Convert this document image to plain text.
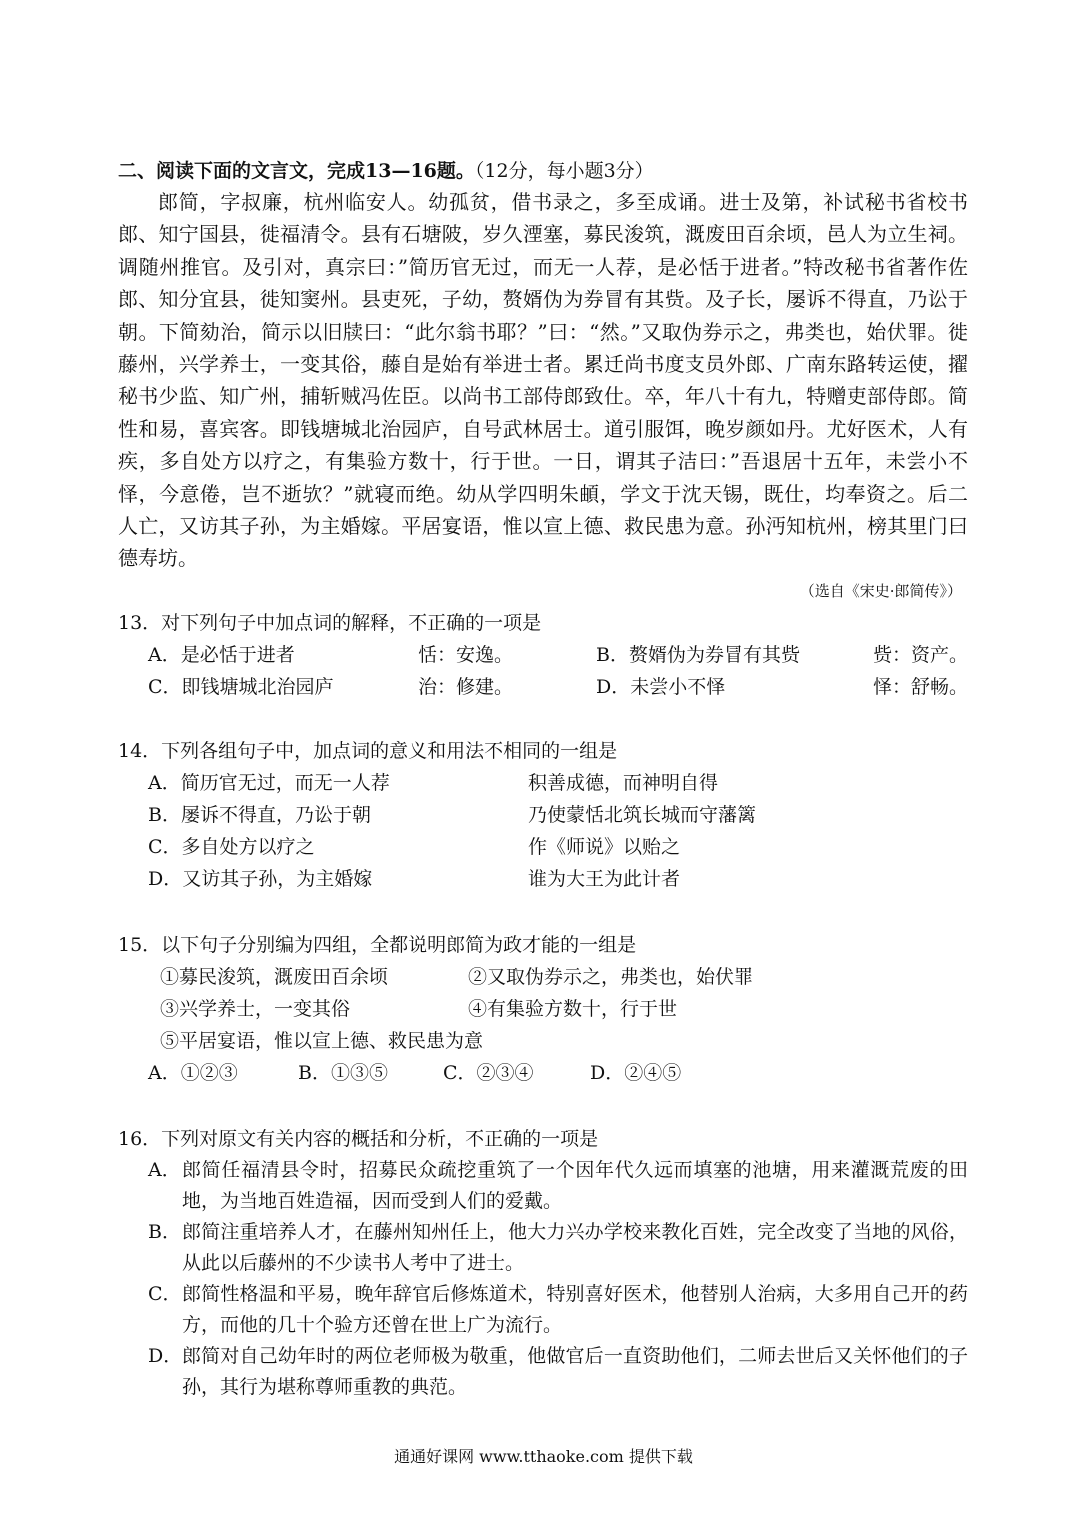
二、阅读下面的文言文，完成13—16题。（12分，每小题3分）

郎简，字叔廉，杭州临安人。幼孤贫，借书录之，多至成诵。进士及第，补试秘书省校书郎、知宁国县，徙福清令。县有石塘陂，岁久湮塞，募民浚筑，溉废田百余顷，邑人为立生祠。调随州推官。及引对，真宗曰：”简历官无过，而无一人荐，是必恬于进者。”特改秘书省著作佐郎、知分宜县，徙知窦州。县吏死，子幼，赘婿伪为券冒有其赀。及子长，屡诉不得直，乃讼于朝。下简劾治，简示以旧牍曰：“此尔翁书耶？”曰：“然。”又取伪券示之，弗类也，始伏罪。徙藤州，兴学养士，一变其俗，藤自是始有举进士者。累迁尚书度支员外郎、广南东路转运使，擢秘书少监、知广州，捕斩贼冯佐臣。以尚书工部侍郎致仕。卒，年八十有九，特赠吏部侍郎。简性和易，喜宾客。即钱塘城北治园庐，自号武林居士。道引服饵，晚岁颜如丹。尤好医术，人有疾，多自处方以疗之，有集验方数十，行于世。一日，谓其子洁曰：”吾退居十五年，未尝小不怿，今意倦，岂不逝欤？”就寝而绝。幼从学四明朱頔，学文于沈天锡，既仕，均奉资之。后二人亡，又访其子孙，为主婚嫁。平居宴语，惟以宣上德、救民患为意。孙沔知杭州，榜其里门曰德寿坊。

（选自《宋史·郎简传》）
13．对下列句子中加点词的解释，不正确的一项是
A．是必恬于进者	恬：安逸。	B．赘婿伪为券冒有其赀	赀：资产。
C．即钱塘城北治园庐	治：修建。	D．未尝小不怿	怿：舒畅。
14．下列各组句子中，加点词的意义和用法不相同的一组是
A．简历官无过，而无一人荐	积善成德，而神明自得
B．屡诉不得直，乃讼于朝	乃使蒙恬北筑长城而守藩篱
C．多自处方以疗之	作《师说》以贻之
D．又访其子孙，为主婚嫁	谁为大王为此计者
15．以下句子分别编为四组，全都说明郎简为政才能的一组是
①募民浚筑，溉废田百余顷	②又取伪券示之，弗类也，始伏罪
③兴学养士，一变其俗	④有集验方数十，行于世
⑤平居宴语，惟以宣上德、救民患为意
A．①②③	B．①③⑤	C．②③④	D．②④⑤
16．下列对原文有关内容的概括和分析，不正确的一项是
A． 郎简任福清县令时，招募民众疏挖重筑了一个因年代久远而填塞的池塘，用来灌溉荒废的田地，为当地百姓造福，因而受到人们的爱戴。
B． 郎简注重培养人才，在藤州知州任上，他大力兴办学校来教化百姓，完全改变了当地的风俗，从此以后藤州的不少读书人考中了进士。
C． 郎简性格温和平易，晚年辞官后修炼道术，特别喜好医术，他替别人治病，大多用自己开的药方，而他的几十个验方还曾在世上广为流行。
D． 郎简对自己幼年时的两位老师极为敬重，他做官后一直资助他们，二师去世后又关怀他们的子孙，其行为堪称尊师重教的典范。
通通好课网 www.tthaoke.com 提供下载
